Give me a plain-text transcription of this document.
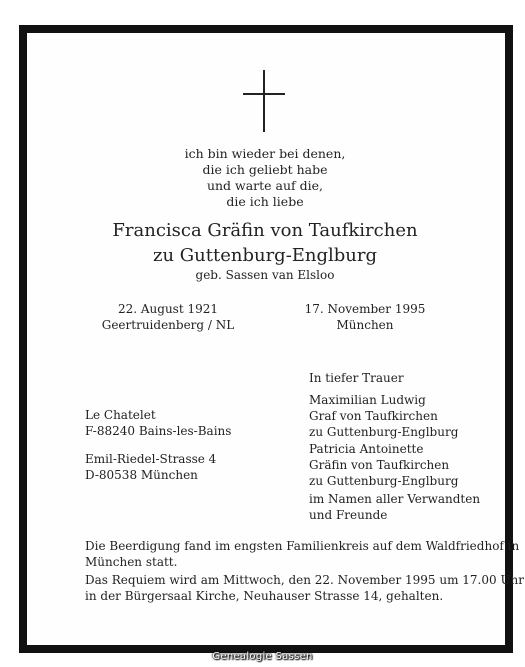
ich bin wieder bei denen,
die ich geliebt habe
und warte auf die,
die ich liebe
Francisca Gräfin von Taufkirchen
zu Guttenburg-Englburg
geb. Sassen van Elsloo
22. August 1921
Geertruidenberg / NL
17. November 1995
München
In tiefer Trauer
Maximilian Ludwig
Graf von Taufkirchen
zu Guttenburg-Englburg
Patricia Antoinette
Gräfin von Taufkirchen
zu Guttenburg-Englburg
im Namen aller Verwandten
und Freunde
Le Chatelet
F-88240 Bains-les-Bains
Emil-Riedel-Strasse 4
D-80538 München
Die Beerdigung fand im engsten Familienkreis auf dem Waldfriedhof in
München statt.
Das Requiem wird am Mittwoch, den 22. November 1995 um 17.00 Uhr
in der Bürgersaal Kirche, Neuhauser Strasse 14, gehalten.
Genealogie Sassen
